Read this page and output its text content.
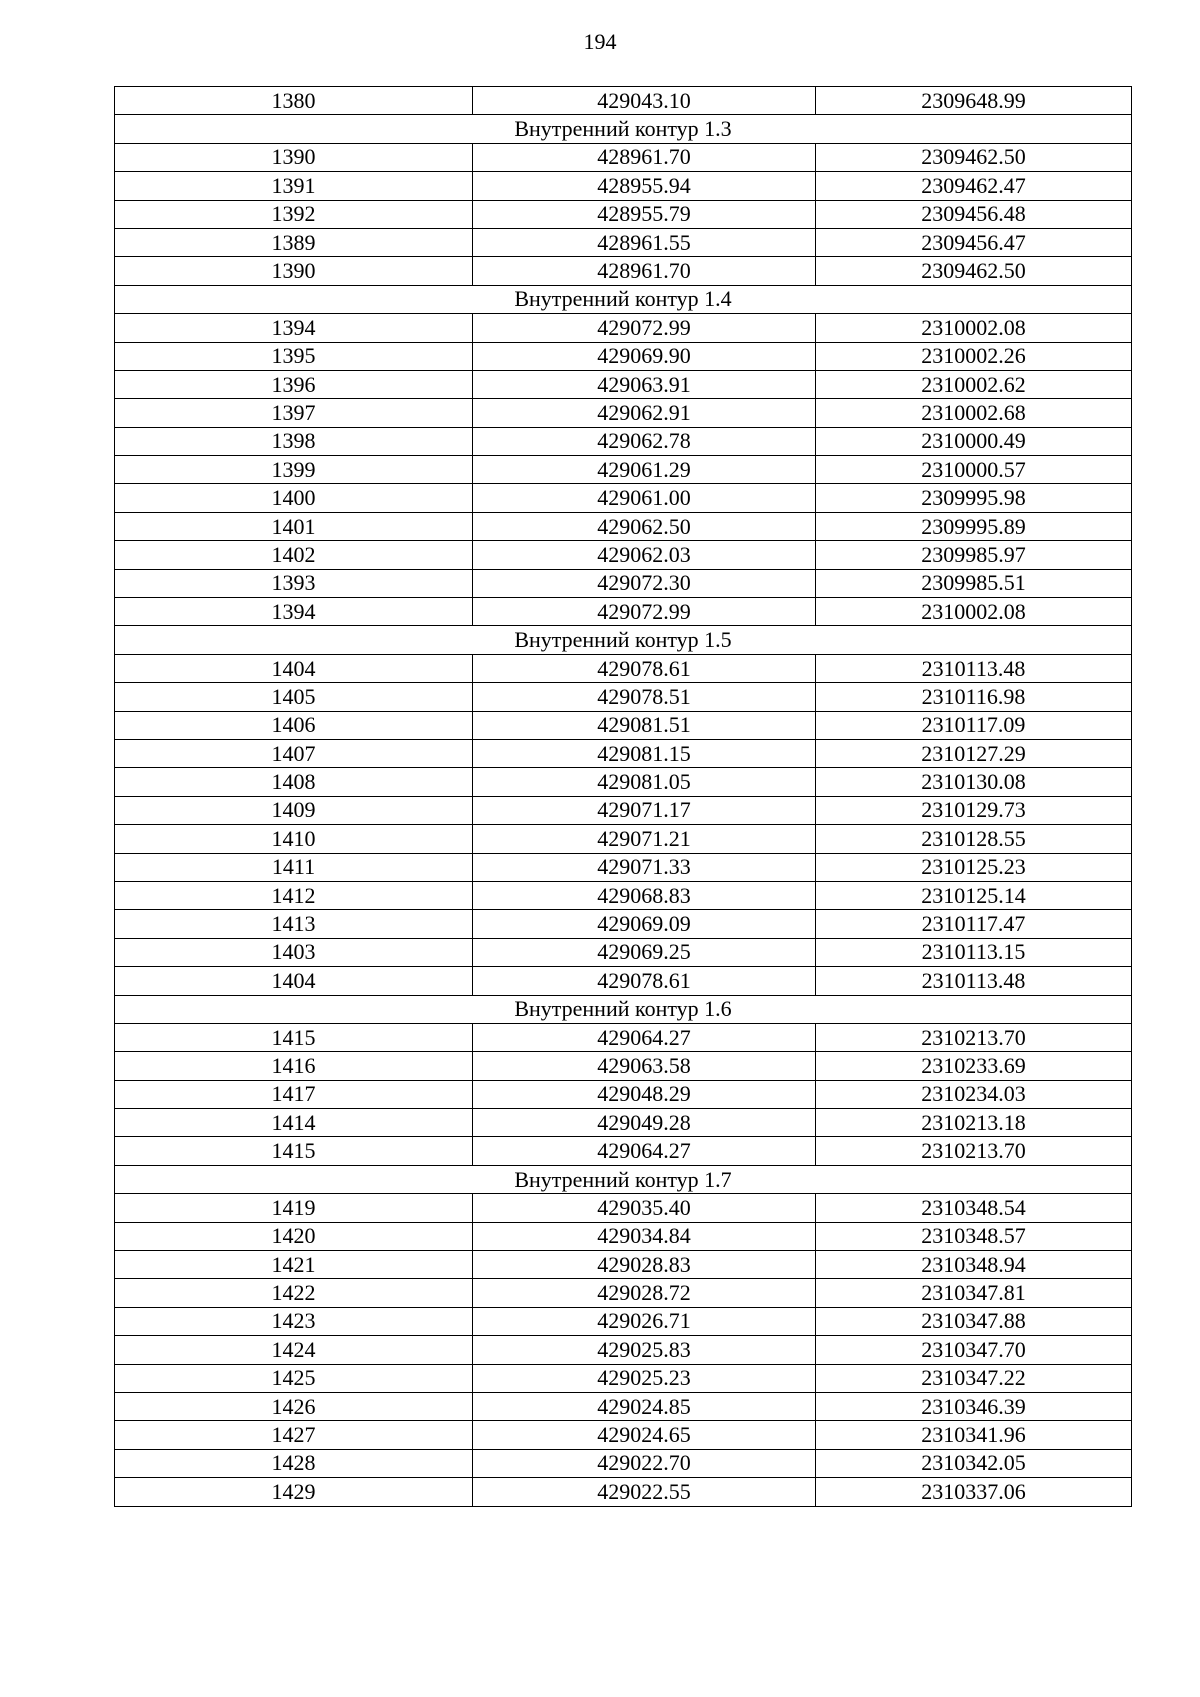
194
1380	429043.10	2309648.99
Внутренний контур 1.3		
1390	428961.70	2309462.50
1391	428955.94	2309462.47
1392	428955.79	2309456.48
1389	428961.55	2309456.47
1390	428961.70	2309462.50
Внутренний контур 1.4		
1394	429072.99	2310002.08
1395	429069.90	2310002.26
1396	429063.91	2310002.62
1397	429062.91	2310002.68
1398	429062.78	2310000.49
1399	429061.29	2310000.57
1400	429061.00	2309995.98
1401	429062.50	2309995.89
1402	429062.03	2309985.97
1393	429072.30	2309985.51
1394	429072.99	2310002.08
Внутренний контур 1.5		
1404	429078.61	2310113.48
1405	429078.51	2310116.98
1406	429081.51	2310117.09
1407	429081.15	2310127.29
1408	429081.05	2310130.08
1409	429071.17	2310129.73
1410	429071.21	2310128.55
1411	429071.33	2310125.23
1412	429068.83	2310125.14
1413	429069.09	2310117.47
1403	429069.25	2310113.15
1404	429078.61	2310113.48
Внутренний контур 1.6		
1415	429064.27	2310213.70
1416	429063.58	2310233.69
1417	429048.29	2310234.03
1414	429049.28	2310213.18
1415	429064.27	2310213.70
Внутренний контур 1.7		
1419	429035.40	2310348.54
1420	429034.84	2310348.57
1421	429028.83	2310348.94
1422	429028.72	2310347.81
1423	429026.71	2310347.88
1424	429025.83	2310347.70
1425	429025.23	2310347.22
1426	429024.85	2310346.39
1427	429024.65	2310341.96
1428	429022.70	2310342.05
1429	429022.55	2310337.06
